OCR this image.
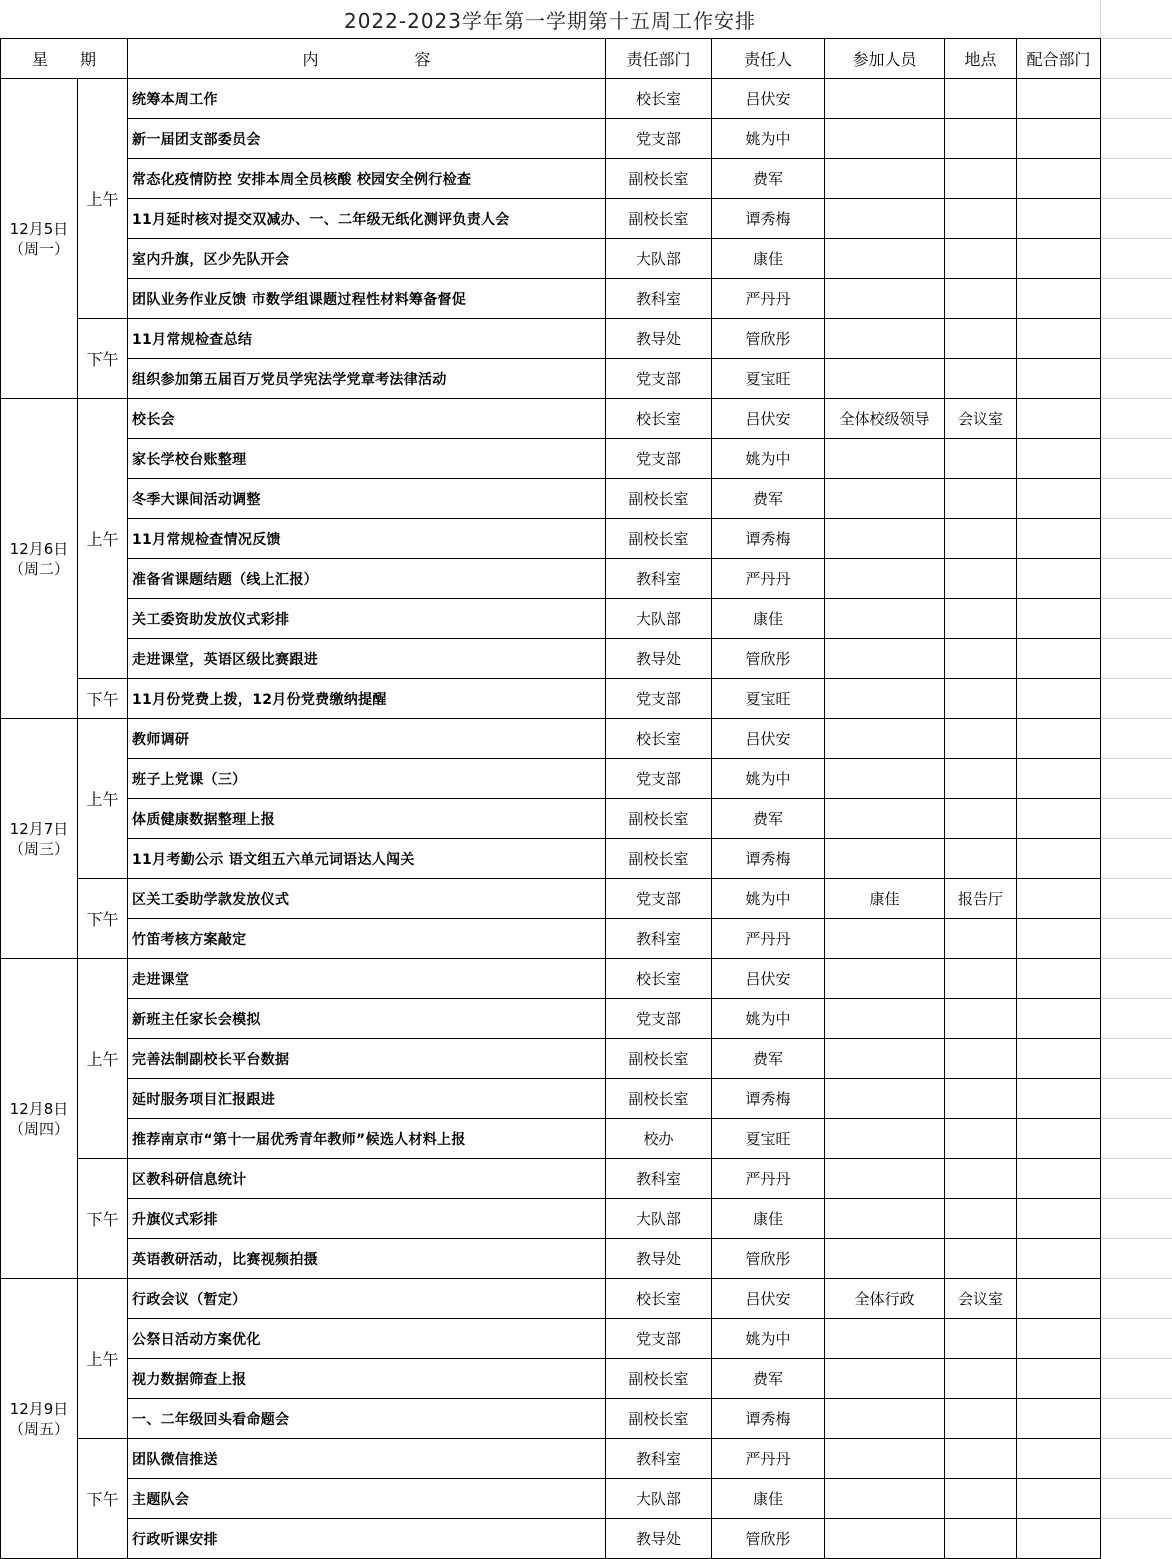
2022-2023学年第一学期第十五周工作安排
星　　期		内　　　　　　容	责任部门	责任人	参加人员	地点	配合部门

12月5日
（周一）	上午	统筹本周工作	校长室	吕伏安			
		新一届团支部委员会	党支部	姚为中			
		常态化疫情防控 安排本周全员核酸 校园安全例行检查	副校长室	费军			
		11月延时核对提交双减办、一、二年级无纸化测评负责人会	副校长室	谭秀梅			
		室内升旗，区少先队开会	大队部	康佳			
		团队业务作业反馈 市数学组课题过程性材料筹备督促	教科室	严丹丹			
	下午	11月常规检查总结	教导处	管欣彤			
		组织参加第五届百万党员学宪法学党章考法律活动	党支部	夏宝旺			

12月6日
（周二）	上午	校长会	校长室	吕伏安	全体校级领导	会议室	
		家长学校台账整理	党支部	姚为中			
		冬季大课间活动调整	副校长室	费军			
		11月常规检查情况反馈	副校长室	谭秀梅			
		准备省课题结题（线上汇报）	教科室	严丹丹			
		关工委资助发放仪式彩排	大队部	康佳			
		走进课堂，英语区级比赛跟进	教导处	管欣彤			
	下午	11月份党费上拨，12月份党费缴纳提醒	党支部	夏宝旺			

12月7日
（周三）	上午	教师调研	校长室	吕伏安			
		班子上党课（三）	党支部	姚为中			
		体质健康数据整理上报	副校长室	费军			
		11月考勤公示 语文组五六单元词语达人闯关	副校长室	谭秀梅			
	下午	区关工委助学款发放仪式	党支部	姚为中	康佳	报告厅	
		竹笛考核方案敲定	教科室	严丹丹			

12月8日
（周四）	上午	走进课堂	校长室	吕伏安			
		新班主任家长会模拟	党支部	姚为中			
		完善法制副校长平台数据	副校长室	费军			
		延时服务项目汇报跟进	副校长室	谭秀梅			
		推荐南京市“第十一届优秀青年教师”候选人材料上报	校办	夏宝旺			
	下午	区教科研信息统计	教科室	严丹丹			
		升旗仪式彩排	大队部	康佳			
		英语教研活动，比赛视频拍摄	教导处	管欣彤			

12月9日
（周五）	上午	行政会议（暂定）	校长室	吕伏安	全体行政	会议室	
		公祭日活动方案优化	党支部	姚为中			
		视力数据筛查上报	副校长室	费军			
		一、二年级回头看命题会	副校长室	谭秀梅			
	下午	团队微信推送	教科室	严丹丹			
		主题队会	大队部	康佳			
		行政听课安排	教导处	管欣彤			
